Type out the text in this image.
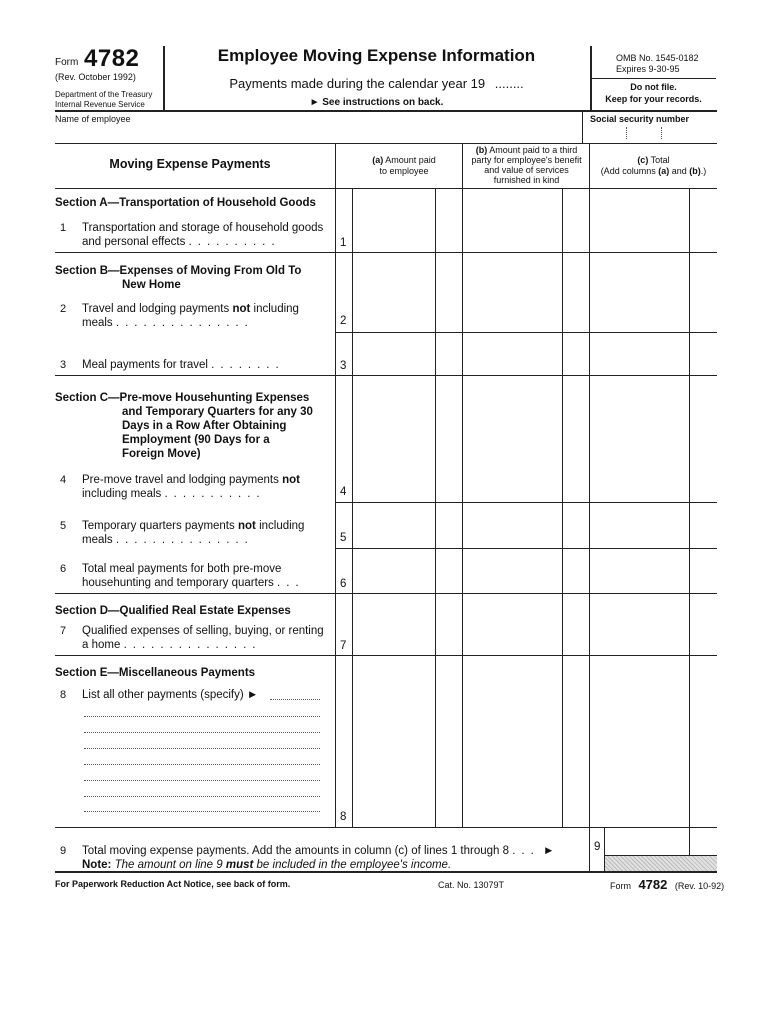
Form 4782
(Rev. October 1992)
Department of the Treasury
Internal Revenue Service
Employee Moving Expense Information
Payments made during the calendar year 19 ........
► See instructions on back.
OMB No. 1545-0182
Expires 9-30-95
Do not file.
Keep for your records.
Name of employee	Social security number
Moving Expense Payments	(a) Amount paid
to employee
(b) Amount paid to a third
party for employee's benefit
and value of services
furnished in kind
(c) Total
(Add columns (a) and (b).)
Section A—Transportation of Household Goods
1 Transportation and storage of household goods
and personal effects ..........	1
Section B—Expenses of Moving From Old To
New Home
2 Travel and lodging payments not including
meals ...............	2
3 Meal payments for travel ........	3
Section C—Pre-move Househunting Expenses
and Temporary Quarters for any 30
Days in a Row After Obtaining
Employment (90 Days for a
Foreign Move)
4 Pre-move travel and lodging payments not
including meals ...........	4
5 Temporary quarters payments not including
meals ...............	5
6 Total meal payments for both pre-move
househunting and temporary quarters ...	6
Section D—Qualified Real Estate Expenses
7 Qualified expenses of selling, buying, or renting
a home ...............	7
Section E—Miscellaneous Payments
8 List all other payments (specify) ►
8
9 Total moving expense payments. Add the amounts in column (c) of lines 1 through 8 ... ►
Note: The amount on line 9 must be included in the employee's income.
9
For Paperwork Reduction Act Notice, see back of form.	Cat. No. 13079T	Form 4782 (Rev. 10-92)
